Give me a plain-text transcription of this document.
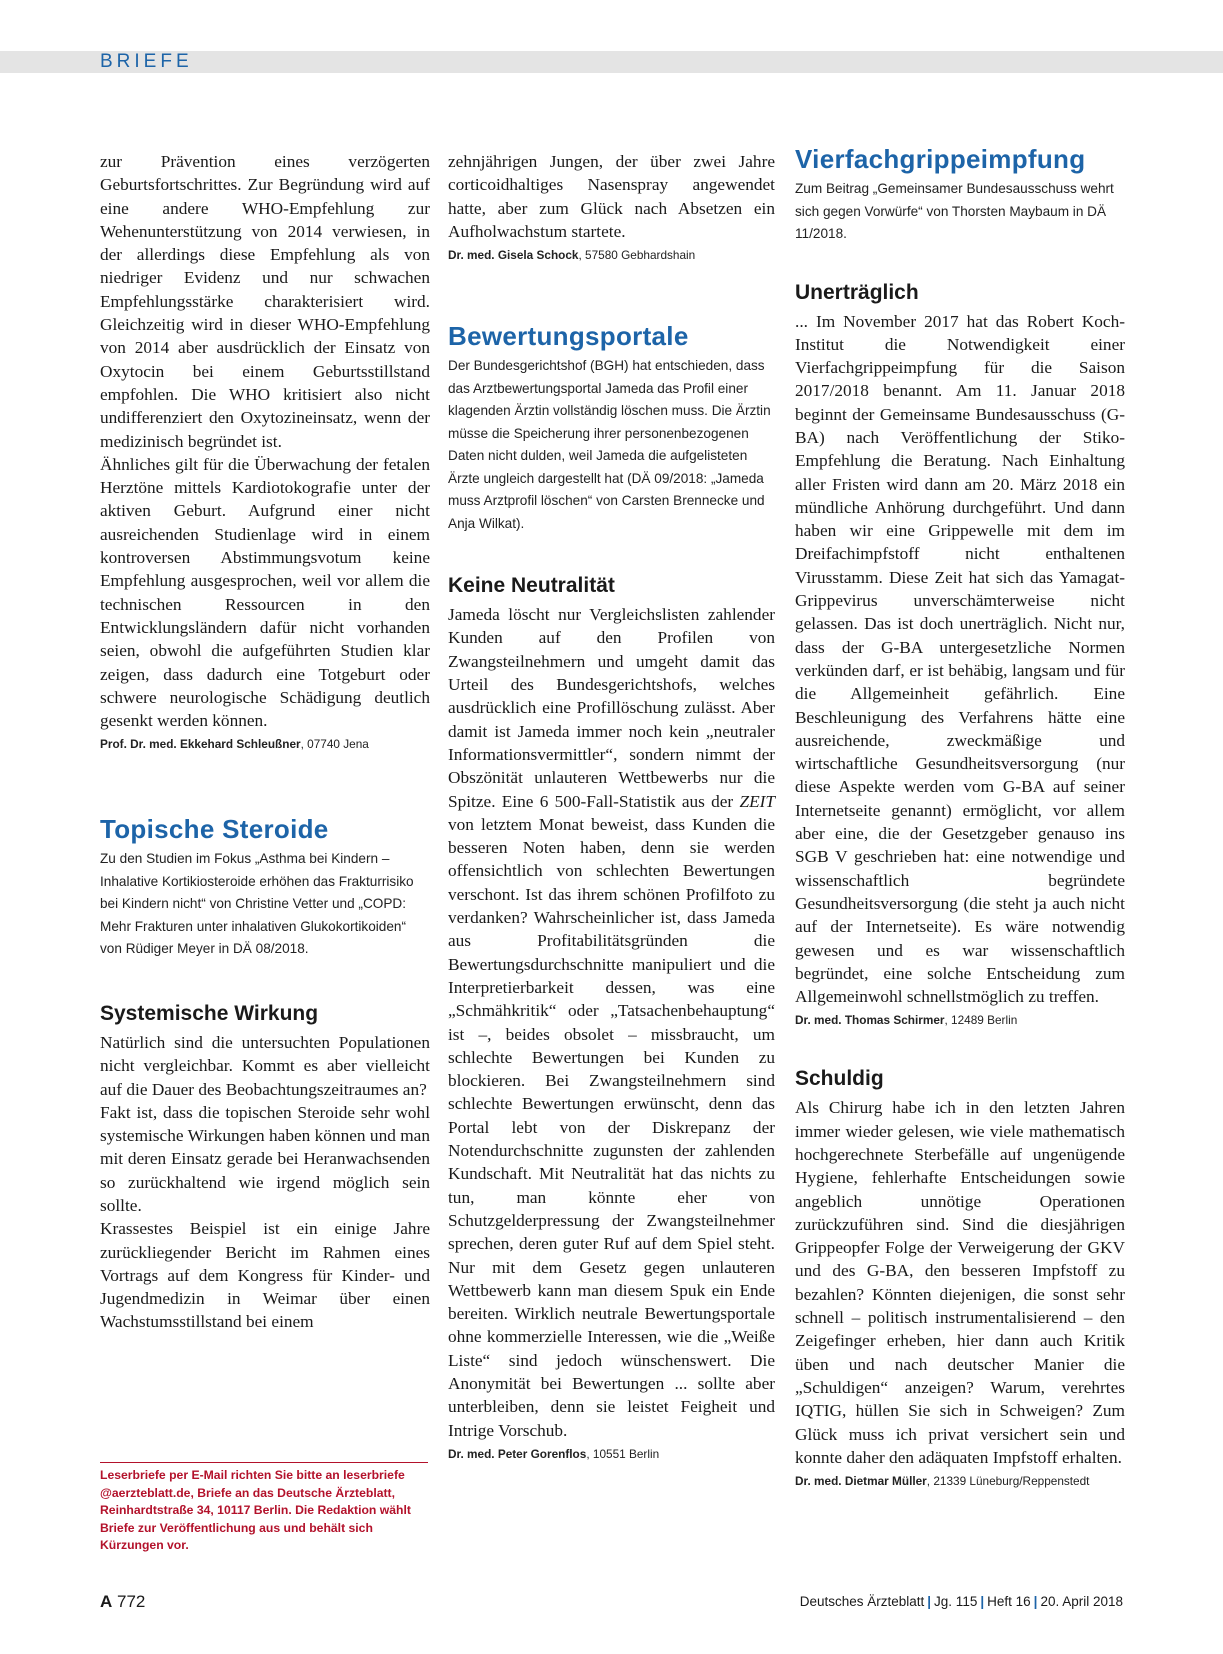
BRIEFE

zur Prävention eines verzögerten Geburtsfortschrittes. Zur Begründung wird auf eine andere WHO-Empfehlung zur Wehenunterstützung von 2014 verwiesen, in der allerdings diese Empfehlung als von niedriger Evidenz und nur schwachen Empfehlungsstärke charakterisiert wird. Gleichzeitig wird in dieser WHO-Empfehlung von 2014 aber ausdrücklich der Einsatz von Oxytocin bei einem Geburtsstillstand empfohlen. Die WHO kritisiert also nicht undifferenziert den Oxytozineinsatz, wenn der medizinisch begründet ist.

Ähnliches gilt für die Überwachung der fetalen Herztöne mittels Kardiotokografie unter der aktiven Geburt. Aufgrund einer nicht ausreichenden Studienlage wird in einem kontroversen Abstimmungsvotum keine Empfehlung ausgesprochen, weil vor allem die technischen Ressourcen in den Entwicklungsländern dafür nicht vorhanden seien, obwohl die aufgeführten Studien klar zeigen, dass dadurch eine Totgeburt oder schwere neurologische Schädigung deutlich gesenkt werden können.

Prof. Dr. med. Ekkehard Schleußner, 07740 Jena
Topische Steroide
Zu den Studien im Fokus „Asthma bei Kindern – Inhalative Kortikiosteroide erhöhen das Frakturrisiko bei Kindern nicht“ von Christine Vetter und „COPD: Mehr Frakturen unter inhalativen Glukokortikoiden“ von Rüdiger Meyer in DÄ 08/2018.
Systemische Wirkung

Natürlich sind die untersuchten Populationen nicht vergleichbar. Kommt es aber vielleicht auf die Dauer des Beobachtungszeitraumes an?

Fakt ist, dass die topischen Steroide sehr wohl systemische Wirkungen haben können und man mit deren Einsatz gerade bei Heranwachsenden so zurückhaltend wie irgend möglich sein sollte.

Krassestes Beispiel ist ein einige Jahre zurückliegender Bericht im Rahmen eines Vortrags auf dem Kongress für Kinder- und Jugendmedizin in Weimar über einen Wachstumsstillstand bei einem

Leserbriefe per E-Mail richten Sie bitte an leserbriefe @aerzteblatt.de, Briefe an das Deutsche Ärzteblatt, Reinhardtstraße 34, 10117 Berlin. Die Redaktion wählt Briefe zur Veröffentlichung aus und behält sich Kürzungen vor.

zehnjährigen Jungen, der über zwei Jahre corticoidhaltiges Nasenspray angewendet hatte, aber zum Glück nach Absetzen ein Aufholwachstum startete.

Dr. med. Gisela Schock, 57580 Gebhardshain
Bewertungsportale
Der Bundesgerichtshof (BGH) hat entschieden, dass das Arztbewertungsportal Jameda das Profil einer klagenden Ärztin vollständig löschen muss. Die Ärztin müsse die Speicherung ihrer personenbezogenen Daten nicht dulden, weil Jameda die aufgelisteten Ärzte ungleich dargestellt hat (DÄ 09/2018: „Jameda muss Arztprofil löschen“ von Carsten Brennecke und Anja Wilkat).
Keine Neutralität

Jameda löscht nur Vergleichslisten zahlender Kunden auf den Profilen von Zwangsteilnehmern und umgeht damit das Urteil des Bundesgerichtshofs, welches ausdrücklich eine Profillöschung zulässt. Aber damit ist Jameda immer noch kein „neutraler Informationsvermittler“, sondern nimmt der Obszönität unlauteren Wettbewerbs nur die Spitze. Eine 6 500-Fall-Statistik aus der ZEIT von letztem Monat beweist, dass Kunden die besseren Noten haben, denn sie werden offensichtlich von schlechten Bewertungen verschont. Ist das ihrem schönen Profilfoto zu verdanken? Wahrscheinlicher ist, dass Jameda aus Profitabilitätsgründen die Bewertungsdurchschnitte manipuliert und die Interpretierbarkeit dessen, was eine „Schmähkritik“ oder „Tatsachenbehauptung“ ist –, beides obsolet – missbraucht, um schlechte Bewertungen bei Kunden zu blockieren. Bei Zwangsteilnehmern sind schlechte Bewertungen erwünscht, denn das Portal lebt von der Diskrepanz der Notendurchschnitte zugunsten der zahlenden Kundschaft. Mit Neutralität hat das nichts zu tun, man könnte eher von Schutzgelderpressung der Zwangsteilnehmer sprechen, deren guter Ruf auf dem Spiel steht. Nur mit dem Gesetz gegen unlauteren Wettbewerb kann man diesem Spuk ein Ende bereiten. Wirklich neutrale Bewertungsportale ohne kommerzielle Interessen, wie die „Weiße Liste“ sind jedoch wünschenswert. Die Anonymität bei Bewertungen ... sollte aber unterbleiben, denn sie leistet Feigheit und Intrige Vorschub.

Dr. med. Peter Gorenflos, 10551 Berlin
Vierfachgrippeimpfung
Zum Beitrag „Gemeinsamer Bundesausschuss wehrt sich gegen Vorwürfe“ von Thorsten Maybaum in DÄ 11/2018.
Unerträglich

... Im November 2017 hat das Robert Koch-Institut die Notwendigkeit einer Vierfachgrippeimpfung für die Saison 2017/2018 benannt. Am 11. Januar 2018 beginnt der Gemeinsame Bundesausschuss (G-BA) nach Veröffentlichung der Stiko-Empfehlung die Beratung. Nach Einhaltung aller Fristen wird dann am 20. März 2018 ein mündliche Anhörung durchgeführt. Und dann haben wir eine Grippewelle mit dem im Dreifachimpfstoff nicht enthaltenen Virusstamm. Diese Zeit hat sich das Yamagat-Grippevirus unverschämterweise nicht gelassen. Das ist doch unerträglich. Nicht nur, dass der G-BA untergesetzliche Normen verkünden darf, er ist behäbig, langsam und für die Allgemeinheit gefährlich. Eine Beschleunigung des Verfahrens hätte eine ausreichende, zweckmäßige und wirtschaftliche Gesundheitsversorgung (nur diese Aspekte werden vom G-BA auf seiner Internetseite genannt) ermöglicht, vor allem aber eine, die der Gesetzgeber genauso ins SGB V geschrieben hat: eine notwendige und wissenschaftlich begründete Gesundheitsversorgung (die steht ja auch nicht auf der Internetseite). Es wäre notwendig gewesen und es war wissenschaftlich begründet, eine solche Entscheidung zum Allgemeinwohl schnellstmöglich zu treffen.

Dr. med. Thomas Schirmer, 12489 Berlin
Schuldig

Als Chirurg habe ich in den letzten Jahren immer wieder gelesen, wie viele mathematisch hochgerechnete Sterbefälle auf ungenügende Hygiene, fehlerhafte Entscheidungen sowie angeblich unnötige Operationen zurückzuführen sind. Sind die diesjährigen Grippeopfer Folge der Verweigerung der GKV und des G-BA, den besseren Impfstoff zu bezahlen? Könnten diejenigen, die sonst sehr schnell – politisch instrumentalisierend – den Zeigefinger erheben, hier dann auch Kritik üben und nach deutscher Manier die „Schuldigen“ anzeigen? Warum, verehrtes IQTIG, hüllen Sie sich in Schweigen? Zum Glück muss ich privat versichert sein und konnte daher den adäquaten Impfstoff erhalten.

Dr. med. Dietmar Müller, 21339 Lüneburg/Reppenstedt
A 772	Deutsches Ärzteblatt | Jg. 115 | Heft 16 | 20. April 2018
